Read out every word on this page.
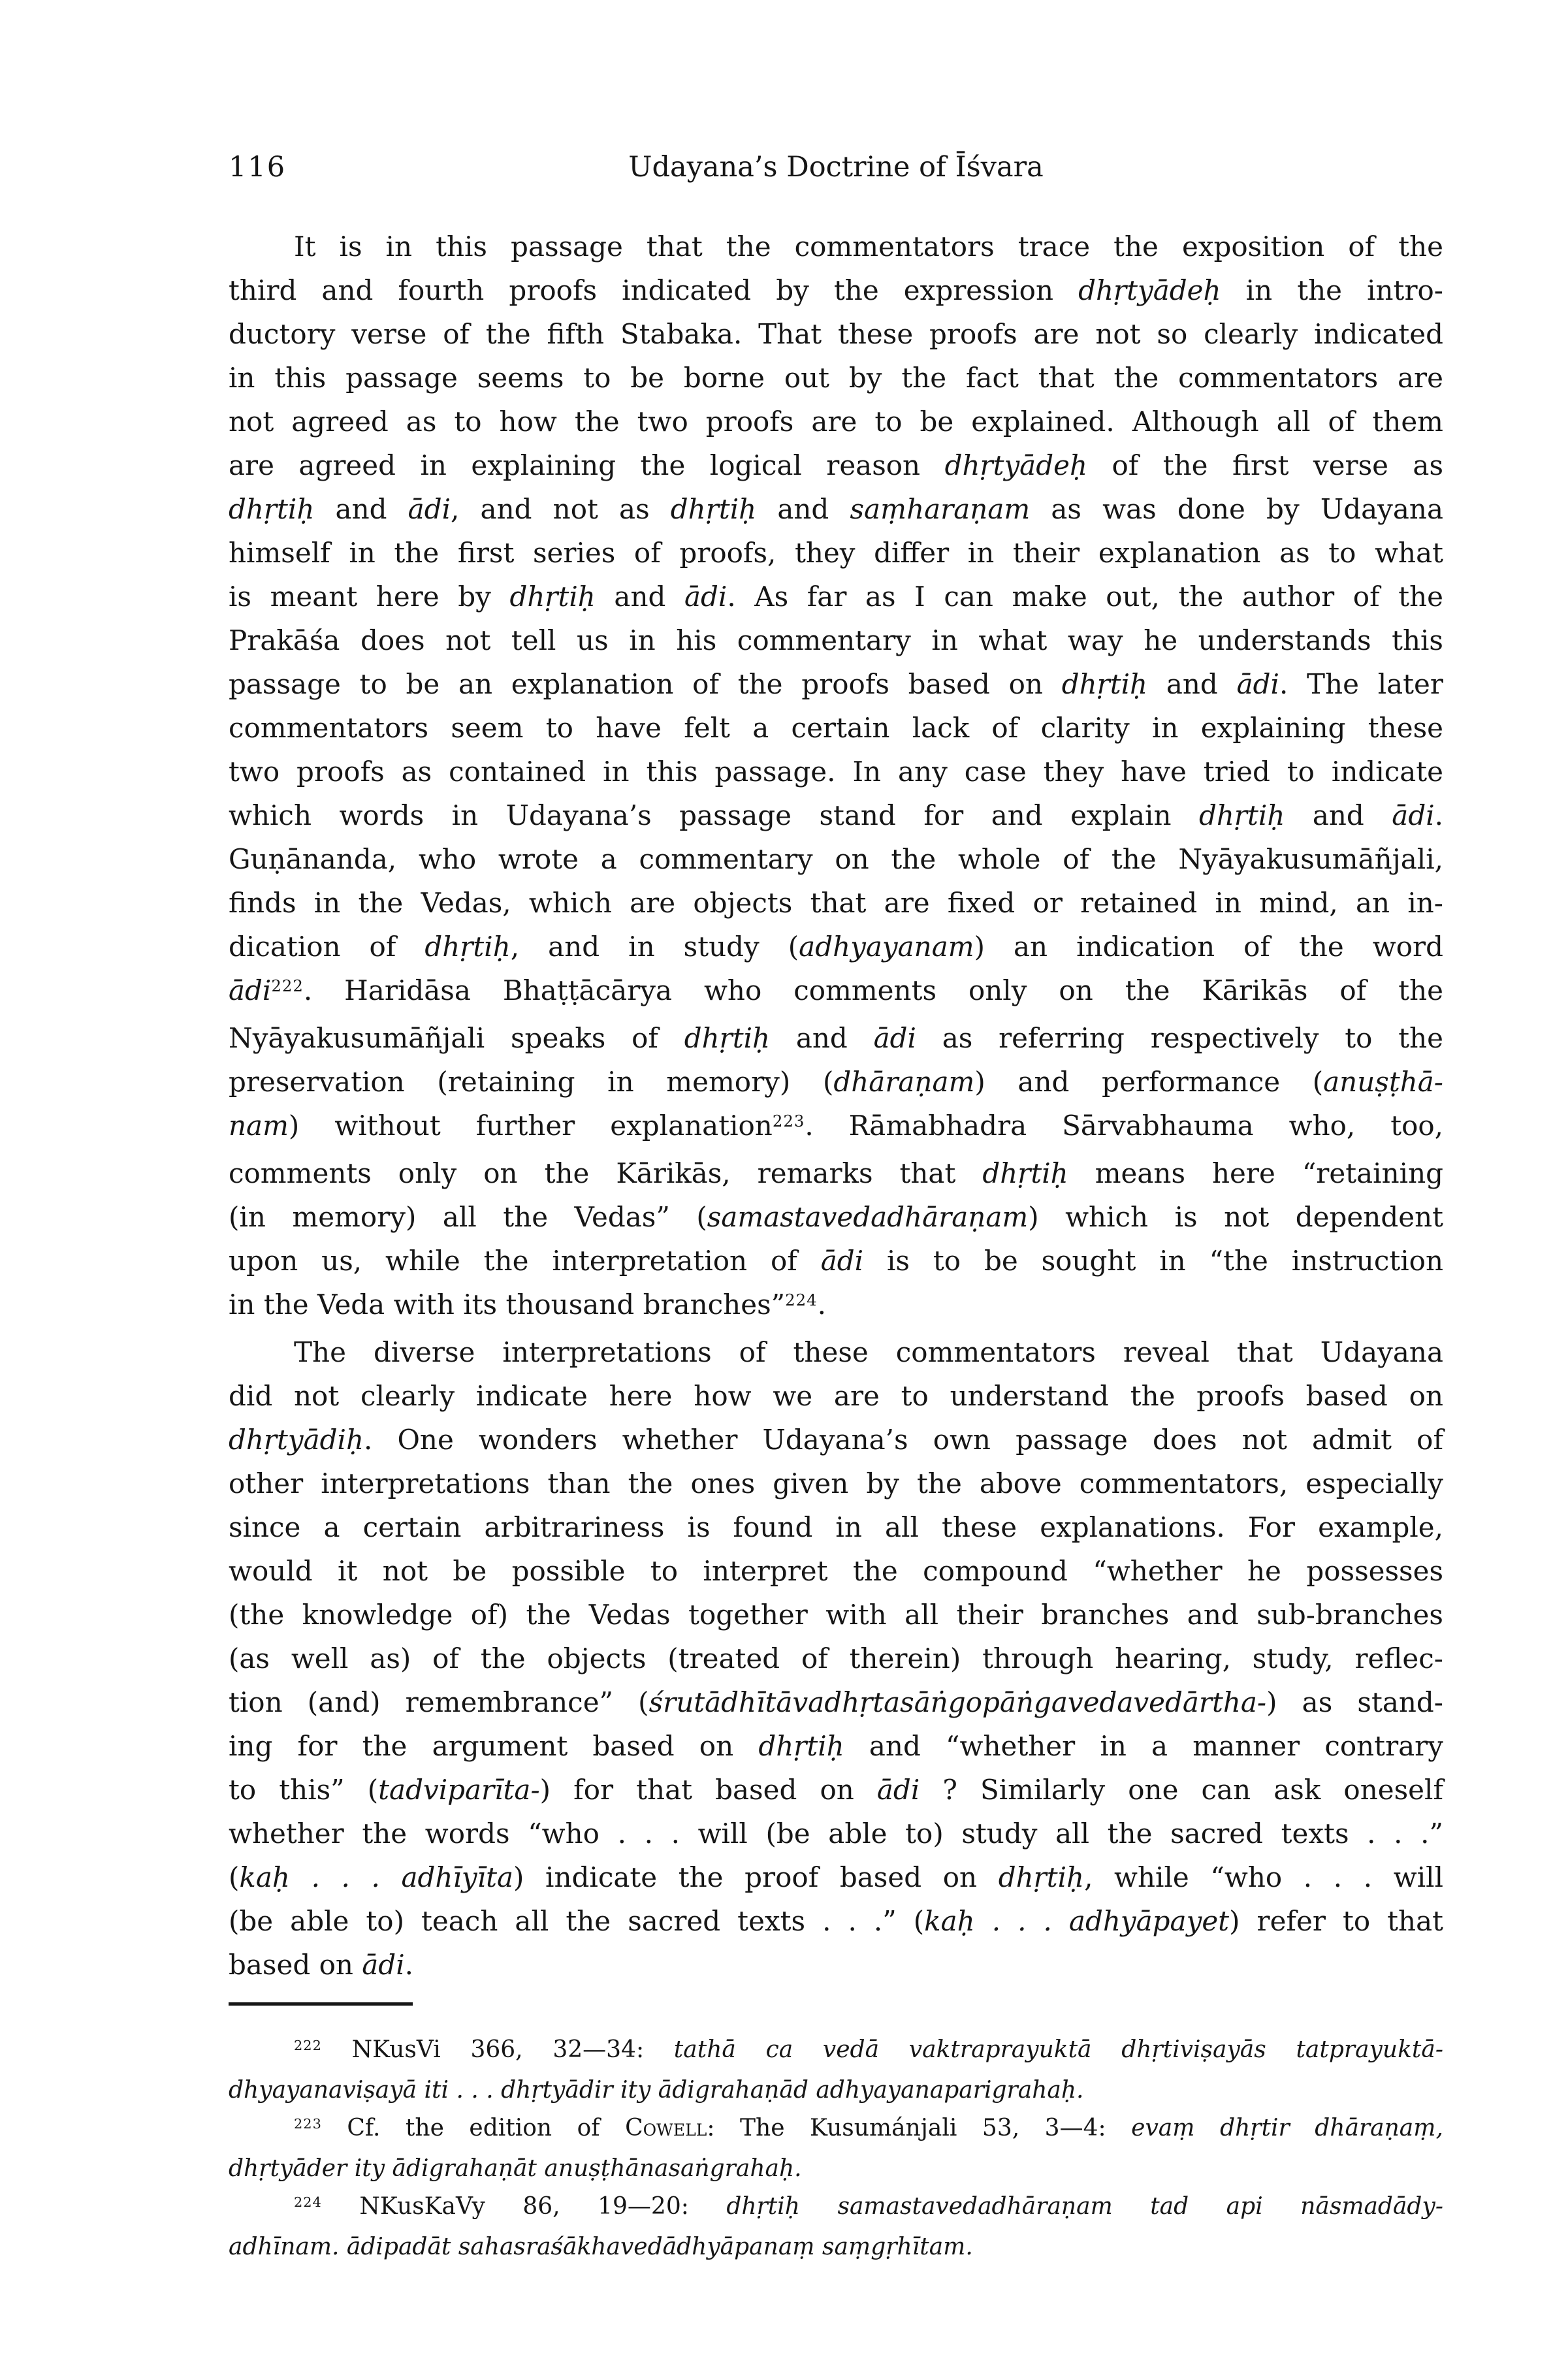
116	Udayana’s Doctrine of Īśvara
It is in this passage that the commentators trace the exposition of the
third and fourth proofs indicated by the expression dhṛtyādeḥ in the intro-
ductory verse of the fifth Stabaka. That these proofs are not so clearly indicated
in this passage seems to be borne out by the fact that the commentators are
not agreed as to how the two proofs are to be explained. Although all of them
are agreed in explaining the logical reason dhṛtyādeḥ of the first verse as
dhṛtiḥ and ādi, and not as dhṛtiḥ and saṃharaṇam as was done by Udayana
himself in the first series of proofs, they differ in their explanation as to what
is meant here by dhṛtiḥ and ādi. As far as I can make out, the author of the
Prakāśa does not tell us in his commentary in what way he understands this
passage to be an explanation of the proofs based on dhṛtiḥ and ādi. The later
commentators seem to have felt a certain lack of clarity in explaining these
two proofs as contained in this passage. In any case they have tried to indicate
which words in Udayana’s passage stand for and explain dhṛtiḥ and ādi.
Guṇānanda, who wrote a commentary on the whole of the Nyāyakusumāñjali,
finds in the Vedas, which are objects that are fixed or retained in mind, an in-
dication of dhṛtiḥ, and in study (adhyayanam) an indication of the word
ādi$^{222}$. Haridāsa Bhaṭṭācārya who comments only on the Kārikās of the
Nyāyakusumāñjali speaks of dhṛtiḥ and ādi as referring respectively to the
preservation (retaining in memory) (dhāraṇam) and performance (anuṣṭhā-
nam) without further explanation$^{223}$. Rāmabhadra Sārvabhauma who, too,
comments only on the Kārikās, remarks that dhṛtiḥ means here “retaining
(in memory) all the Vedas” (samastavedadhāraṇam) which is not dependent
upon us, while the interpretation of ādi is to be sought in “the instruction
in the Veda with its thousand branches”$^{224}$.
The diverse interpretations of these commentators reveal that Udayana
did not clearly indicate here how we are to understand the proofs based on
dhṛtyādiḥ. One wonders whether Udayana’s own passage does not admit of
other interpretations than the ones given by the above commentators, especially
since a certain arbitrariness is found in all these explanations. For example,
would it not be possible to interpret the compound “whether he possesses
(the knowledge of) the Vedas together with all their branches and sub-branches
(as well as) of the objects (treated of therein) through hearing, study, reflec-
tion (and) remembrance” (śrutādhītāvadhṛtasāṅgopāṅgavedavedārtha-) as stand-
ing for the argument based on dhṛtiḥ and “whether in a manner contrary
to this” (tadviparīta-) for that based on ādi ? Similarly one can ask oneself
whether the words “who . . . will (be able to) study all the sacred texts . . .”
(kaḥ . . . adhīyīta) indicate the proof based on dhṛtiḥ, while “who . . . will
(be able to) teach all the sacred texts . . .” (kaḥ . . . adhyāpayet) refer to that
based on ādi.
$^{222}$ NKusVi 366, 32—34: tathā ca vedā vaktraprayuktā dhṛtiviṣayās tatprayuktā-
dhyayanaviṣayā iti . . . dhṛtyādir ity ādigrahaṇād adhyayanaparigrahaḥ.
$^{223}$ Cf. the edition of Cowell: The Kusumánjali 53, 3—4: evaṃ dhṛtir dhāraṇaṃ,
dhṛtyāder ity ādigrahaṇāt anuṣṭhānasaṅgrahaḥ.
$^{224}$ NKusKaVy 86, 19—20: dhṛtiḥ samastavedadhāraṇam tad api nāsmadādy-
adhīnam. ādipadāt sahasraśākhavedādhyāpanaṃ saṃgṛhītam.
